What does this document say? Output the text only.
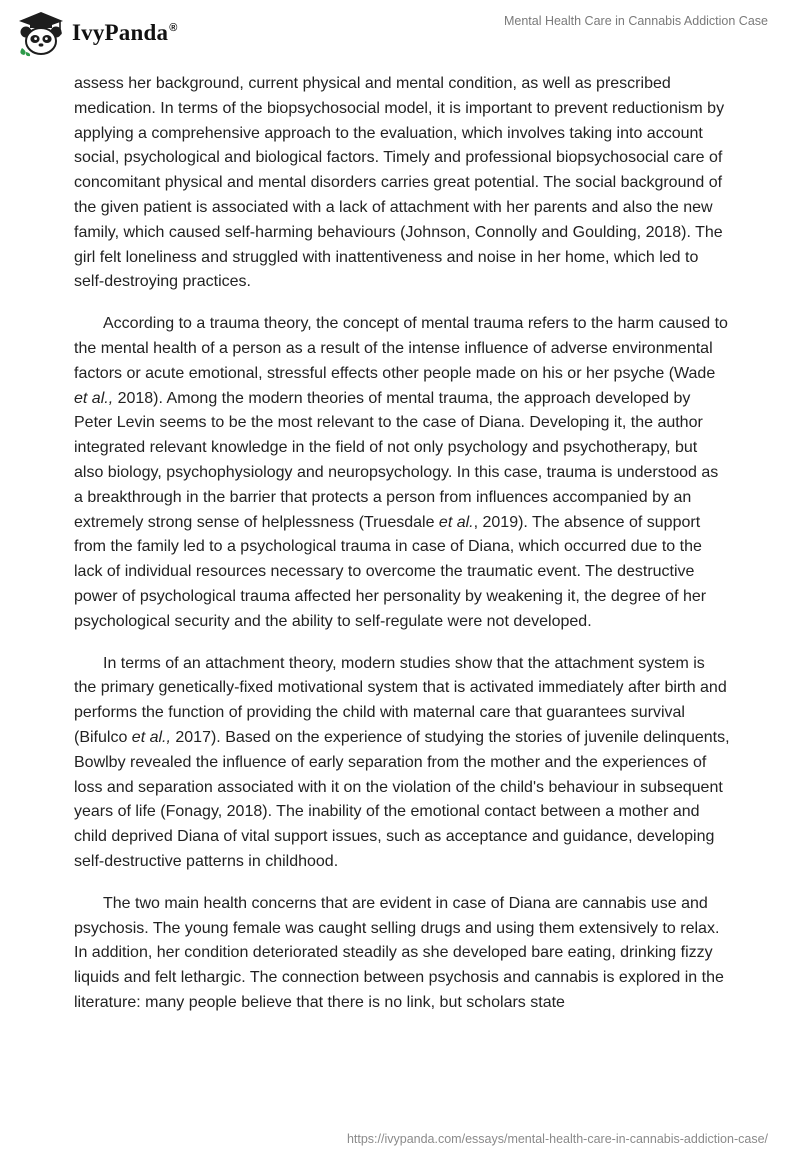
IvyPanda®
Mental Health Care in Cannabis Addiction Case

assess her background, current physical and mental condition, as well as prescribed medication. In terms of the biopsychosocial model, it is important to prevent reductionism by applying a comprehensive approach to the evaluation, which involves taking into account social, psychological and biological factors. Timely and professional biopsychosocial care of concomitant physical and mental disorders carries great potential. The social background of the given patient is associated with a lack of attachment with her parents and also the new family, which caused self-harming behaviours (Johnson, Connolly and Goulding, 2018). The girl felt loneliness and struggled with inattentiveness and noise in her home, which led to self-destroying practices.

According to a trauma theory, the concept of mental trauma refers to the harm caused to the mental health of a person as a result of the intense influence of adverse environmental factors or acute emotional, stressful effects other people made on his or her psyche (Wade et al., 2018). Among the modern theories of mental trauma, the approach developed by Peter Levin seems to be the most relevant to the case of Diana. Developing it, the author integrated relevant knowledge in the field of not only psychology and psychotherapy, but also biology, psychophysiology and neuropsychology. In this case, trauma is understood as a breakthrough in the barrier that protects a person from influences accompanied by an extremely strong sense of helplessness (Truesdale et al., 2019). The absence of support from the family led to a psychological trauma in case of Diana, which occurred due to the lack of individual resources necessary to overcome the traumatic event. The destructive power of psychological trauma affected her personality by weakening it, the degree of her psychological security and the ability to self-regulate were not developed.

In terms of an attachment theory, modern studies show that the attachment system is the primary genetically-fixed motivational system that is activated immediately after birth and performs the function of providing the child with maternal care that guarantees survival (Bifulco et al., 2017). Based on the experience of studying the stories of juvenile delinquents, Bowlby revealed the influence of early separation from the mother and the experiences of loss and separation associated with it on the violation of the child's behaviour in subsequent years of life (Fonagy, 2018). The inability of the emotional contact between a mother and child deprived Diana of vital support issues, such as acceptance and guidance, developing self-destructive patterns in childhood.

The two main health concerns that are evident in case of Diana are cannabis use and psychosis. The young female was caught selling drugs and using them extensively to relax. In addition, her condition deteriorated steadily as she developed bare eating, drinking fizzy liquids and felt lethargic. The connection between psychosis and cannabis is explored in the literature: many people believe that there is no link, but scholars state

https://ivypanda.com/essays/mental-health-care-in-cannabis-addiction-case/
